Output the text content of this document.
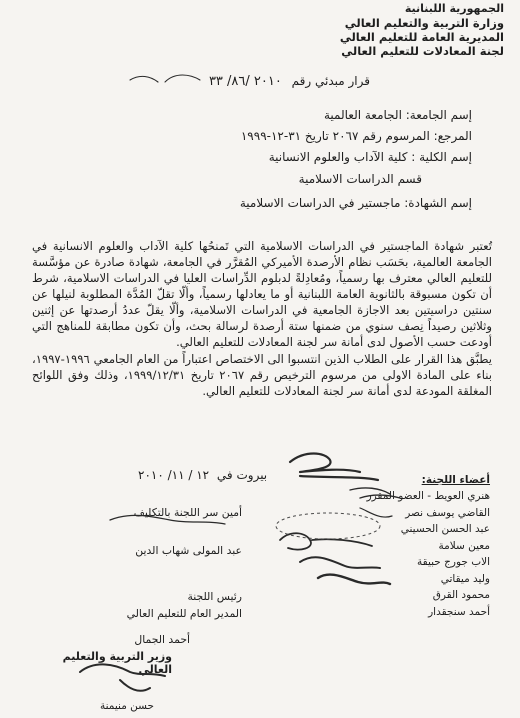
الجمهورية اللبنانية
وزارة التربية والتعليم العالي
المديرية العامة للتعليم العالي
لجنة المعادلات للتعليم العالي
قرار مبدئي رقم ٢٠١٠ /٨٦/ ٣٣
إسم الجامعة: الجامعة العالمية
المرجع: المرسوم رقم ٢٠٦٧ تاريخ ٣١-١٢-١٩٩٩
إسم الكلية : كلية الآداب والعلوم الانسانية
قسم الدراسات الاسلامية
إسم الشهادة: ماجستير في الدراسات الاسلامية

تُعتبر شهادة الماجستير في الدراسات الاسلامية التي تَمنحُها كلية الآداب والعلوم الانسانية في الجامعة العالمية، بحَسَب نظام الأرصدة الأميركي المُقرَّر في الجامعة، شهادة صادرة عن مؤسَّسة للتعليم العالي معترف بها رسمياً، ومُعادِلةً لدبلوم الدِّراسات العليا في الدراسات الاسلامية، شرط أن تكون مسبوقة بالثانوية العامة اللبنانية أو ما يعادلها رسمياً، وألّا تقلّ المُدَّة المطلوبة لنيلها عن سنتين دراسيتين بعد الاجازة الجامعية في الدراسات الاسلامية، وألّا يقلّ عددُ أرصدتها عن إثنين وثلاثين رصيداً نِصف سنوي من ضمنها ستة أرصدة لرسالة بحث، وأن تكون مطابقة للمناهج التي أودعت حسب الأصول لدى أمانة سر لجنة المعادلات للتعليم العالي.

يطبَّق هذا القرار على الطلاب الذين انتسبوا الى الاختصاص اعتباراً من العام الجامعي ١٩٩٦-١٩٩٧، بناء على المادة الاولى من مرسوم الترخيص رقم ٢٠٦٧ تاريخ ١٩٩٩/١٢/٣١، وذلك وفق اللوائح المغلقة المودعة لدى أمانة سر لجنة المعادلات للتعليم العالي.

بيروت في ١٢ / ١١/ ٢٠١٠	أعضاء اللجنة:
هنري العويط - العضو المقرر
القاضي يوسف نصر
عبد الحسن الحسيني
معين سلامة
الاب جورج حبيقة
وليد ميقاتي
محمود القرق
أحمد سنجقدار
أمين سر اللجنة بالتكليف
عبد المولى شهاب الدين
رئيس اللجنة
المدير العام للتعليم العالي
أحمد الجمال
وزير التربية والتعليم العالي
حسن منيمنة
